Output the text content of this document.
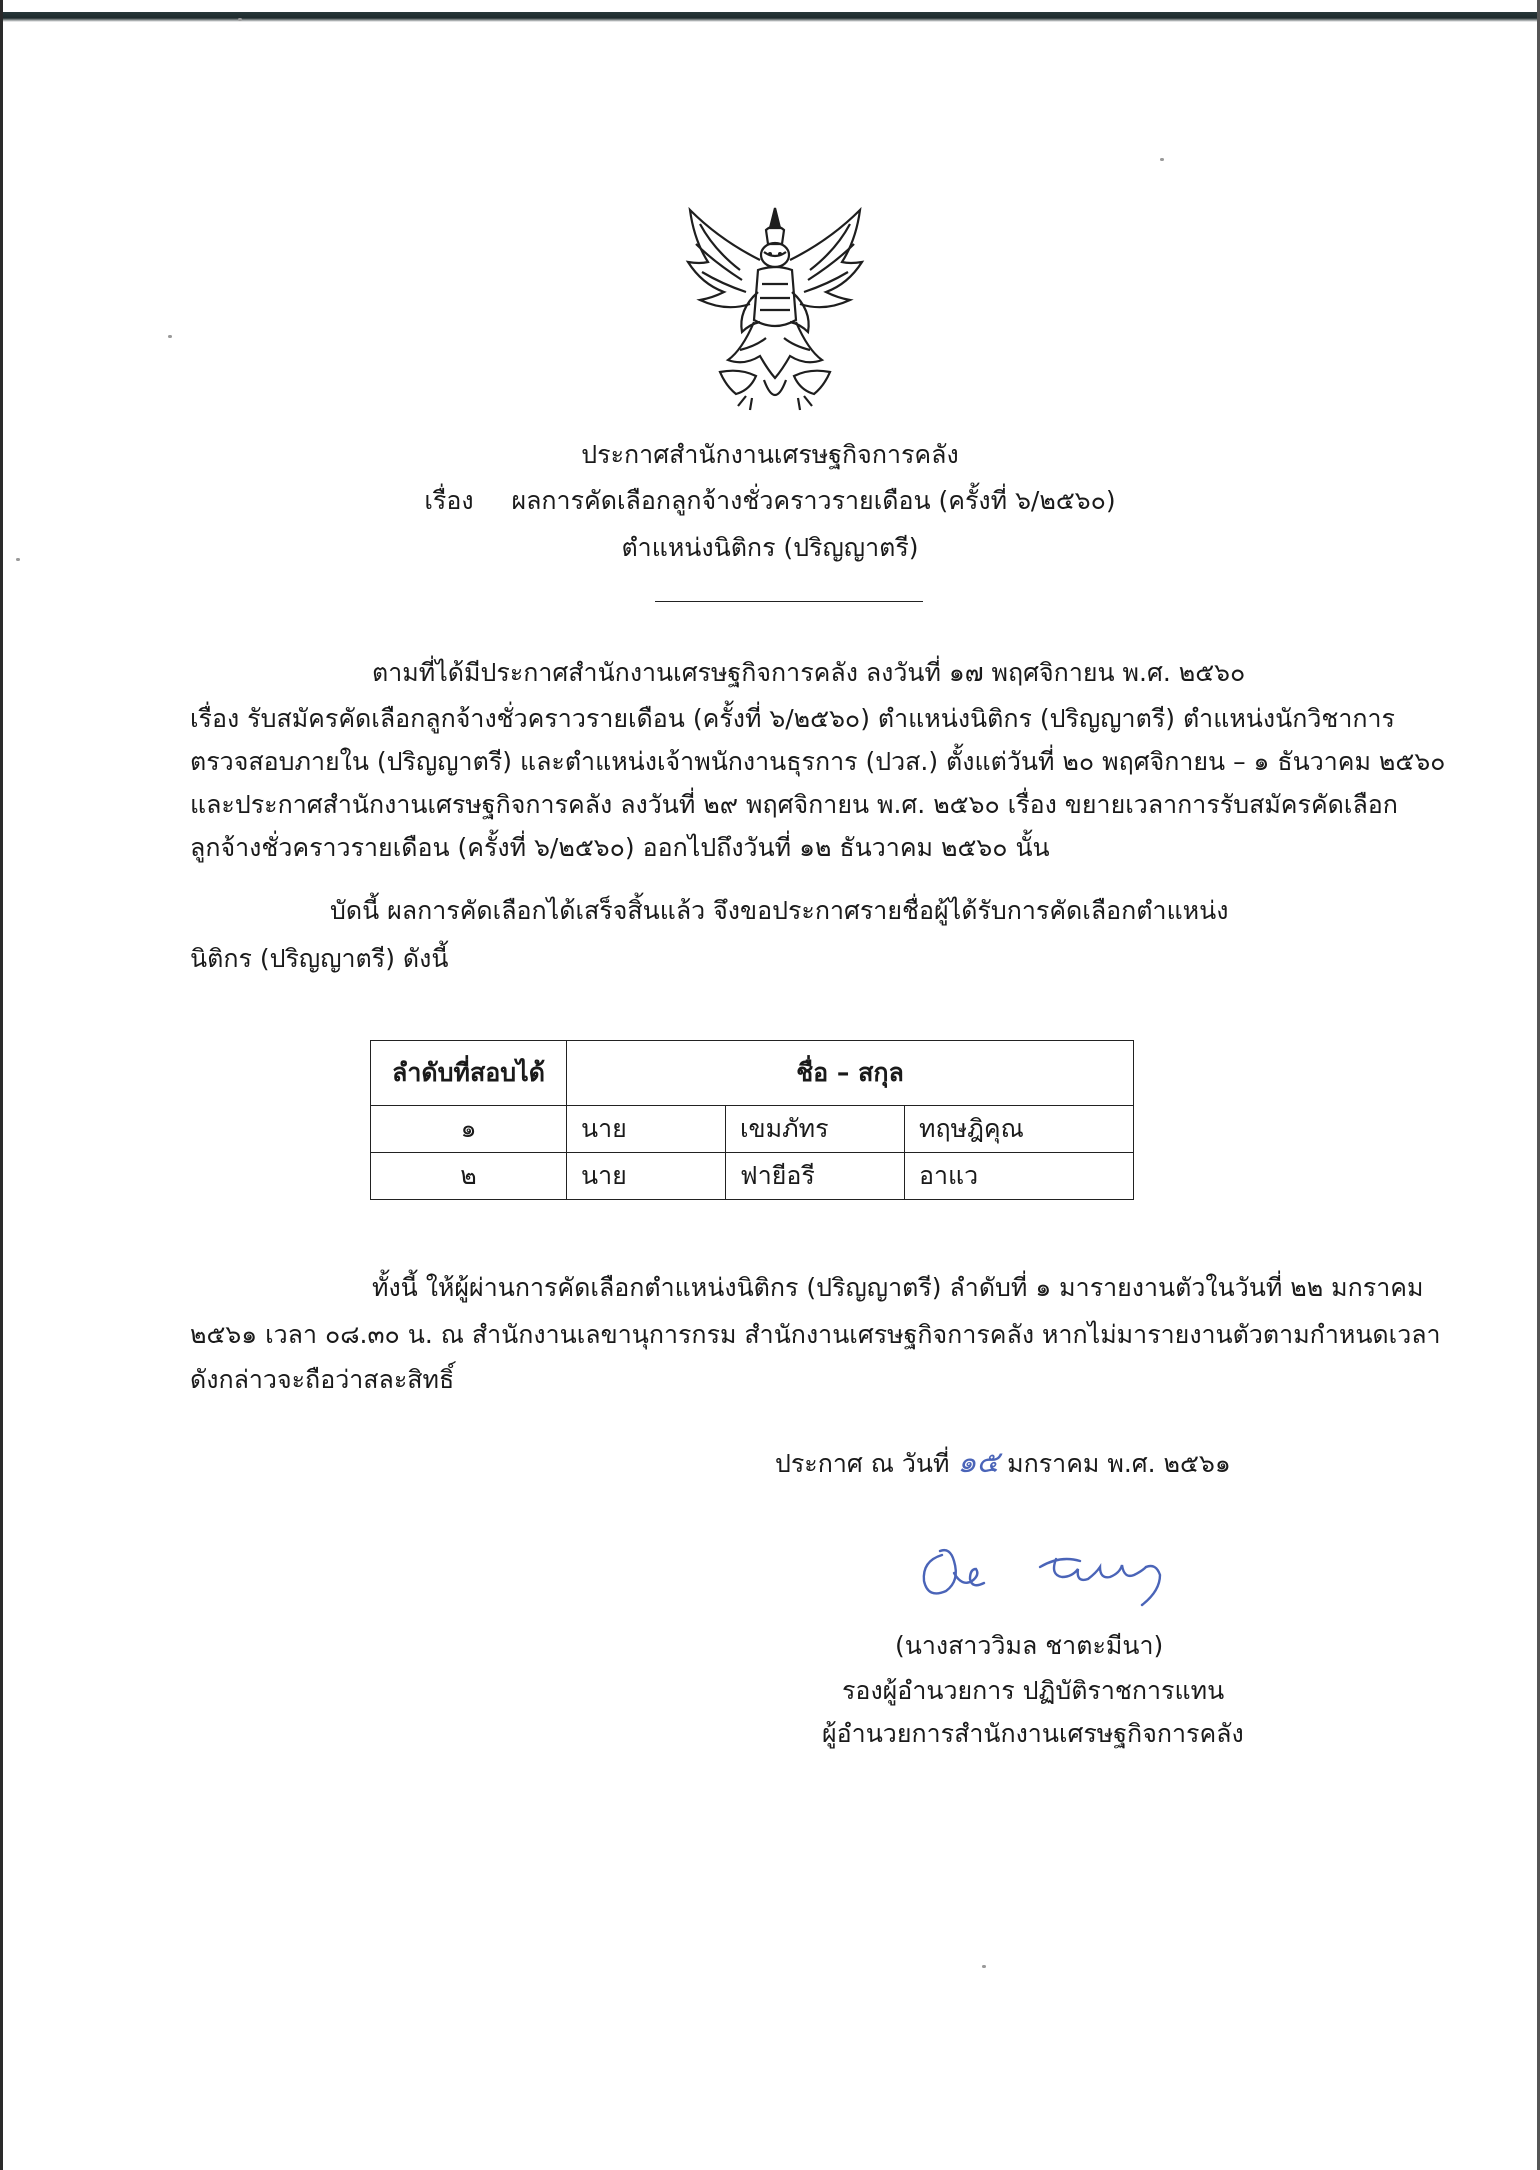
ประกาศสำนักงานเศรษฐกิจการคลัง
เรื่อง ผลการคัดเลือกลูกจ้างชั่วคราวรายเดือน (ครั้งที่ ๖/๒๕๖๐)
ตำแหน่งนิติกร (ปริญญาตรี)
ตามที่ได้มีประกาศสำนักงานเศรษฐกิจการคลัง ลงวันที่ ๑๗ พฤศจิกายน พ.ศ. ๒๕๖๐
เรื่อง รับสมัครคัดเลือกลูกจ้างชั่วคราวรายเดือน (ครั้งที่ ๖/๒๕๖๐) ตำแหน่งนิติกร (ปริญญาตรี) ตำแหน่งนักวิชาการ
ตรวจสอบภายใน (ปริญญาตรี) และตำแหน่งเจ้าพนักงานธุรการ (ปวส.) ตั้งแต่วันที่ ๒๐ พฤศจิกายน – ๑ ธันวาคม ๒๕๖๐
และประกาศสำนักงานเศรษฐกิจการคลัง ลงวันที่ ๒๙ พฤศจิกายน พ.ศ. ๒๕๖๐ เรื่อง ขยายเวลาการรับสมัครคัดเลือก
ลูกจ้างชั่วคราวรายเดือน (ครั้งที่ ๖/๒๕๖๐) ออกไปถึงวันที่ ๑๒ ธันวาคม ๒๕๖๐ นั้น
บัดนี้ ผลการคัดเลือกได้เสร็จสิ้นแล้ว จึงขอประกาศรายชื่อผู้ได้รับการคัดเลือกตำแหน่ง
นิติกร (ปริญญาตรี) ดังนี้
ลำดับที่สอบได้	ชื่อ – สกุล		
๑	นาย	เขมภัทร	ทฤษฎิคุณ
๒	นาย	ฟายีอรี	อาแว
ทั้งนี้ ให้ผู้ผ่านการคัดเลือกตำแหน่งนิติกร (ปริญญาตรี) ลำดับที่ ๑ มารายงานตัวในวันที่ ๒๒ มกราคม
๒๕๖๑ เวลา ๐๘.๓๐ น. ณ สำนักงานเลขานุการกรม สำนักงานเศรษฐกิจการคลัง หากไม่มารายงานตัวตามกำหนดเวลา
ดังกล่าวจะถือว่าสละสิทธิ์
ประกาศ ณ วันที่ ๑๕ มกราคม พ.ศ. ๒๕๖๑
(นางสาววิมล ชาตะมีนา)
รองผู้อำนวยการ ปฏิบัติราชการแทน
ผู้อำนวยการสำนักงานเศรษฐกิจการคลัง
